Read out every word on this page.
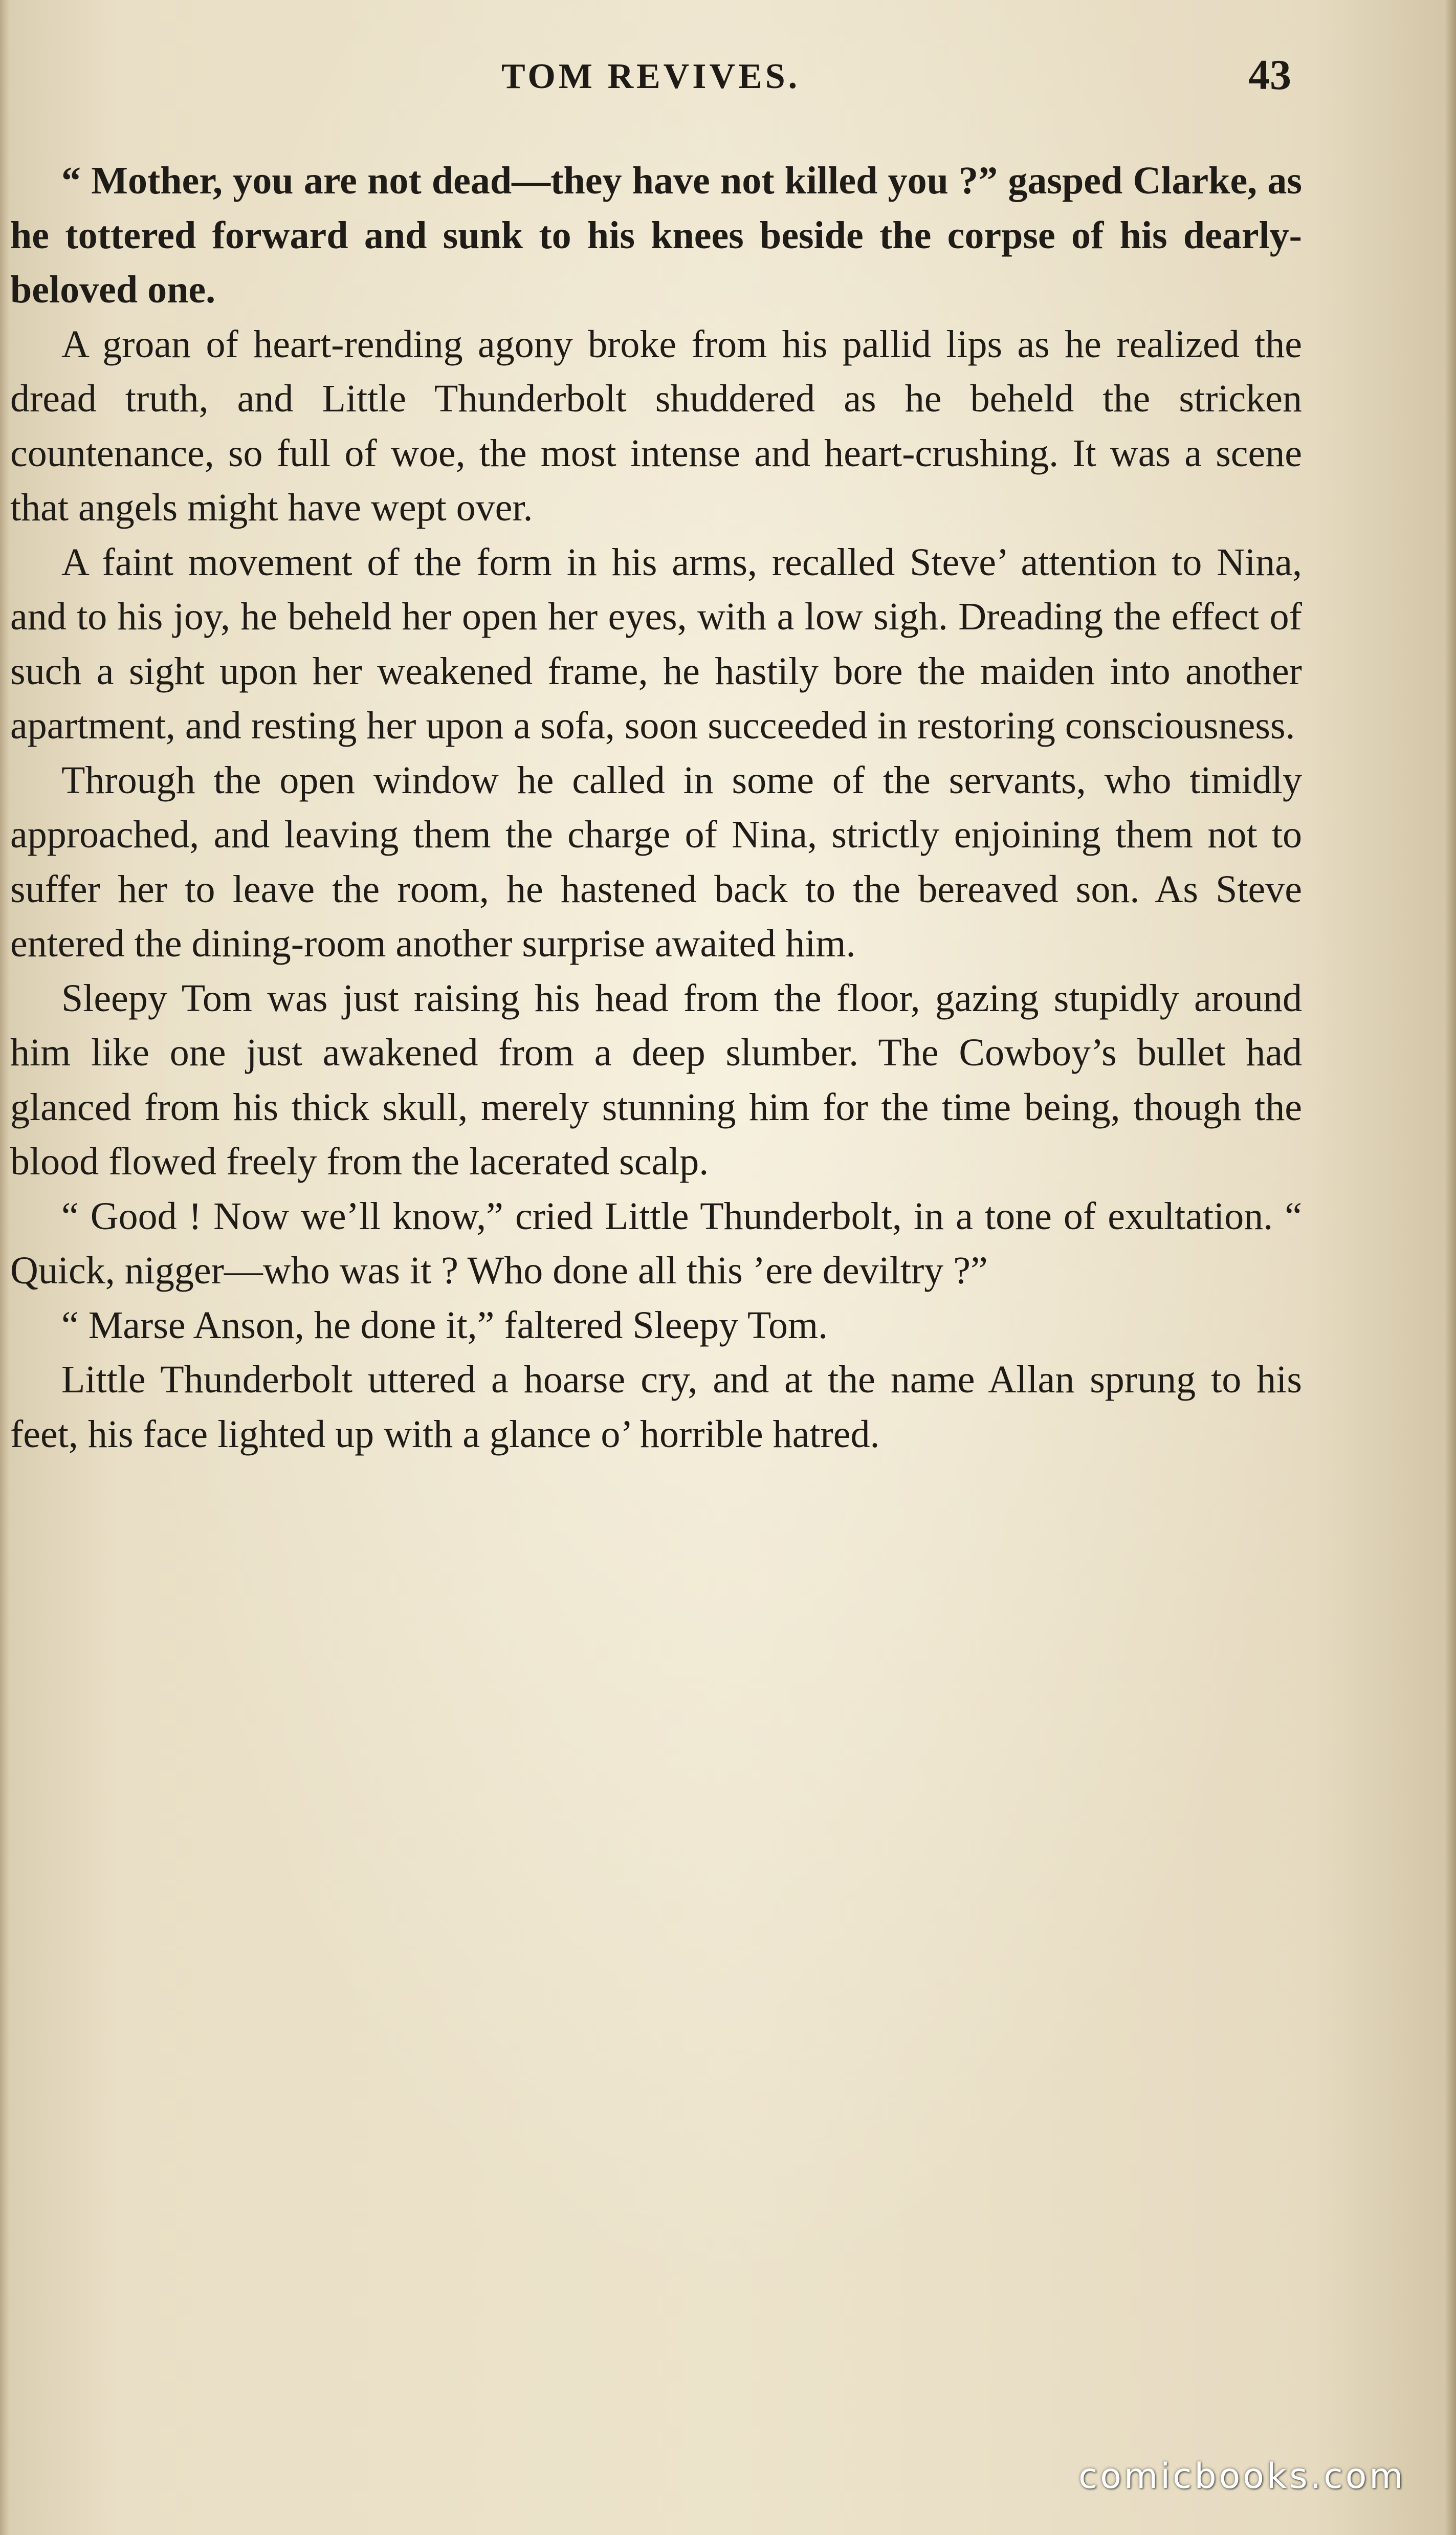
TOM REVIVES.	43

“ Mother, you are not dead—they have not killed you ?” gasped Clarke, as he tottered forward and sunk to his knees beside the corpse of his dearly-beloved one.

A groan of heart-rending agony broke from his pallid lips as he realized the dread truth, and Little Thunderbolt shuddered as he beheld the stricken countenance, so full of woe, the most intense and heart-crushing. It was a scene that angels might have wept over.

A faint movement of the form in his arms, recalled Steve’ attention to Nina, and to his joy, he beheld her open her eyes, with a low sigh. Dreading the effect of such a sight upon her weakened frame, he hastily bore the maiden into another apartment, and resting her upon a sofa, soon succeeded in restoring consciousness.

Through the open window he called in some of the servants, who timidly approached, and leaving them the charge of Nina, strictly enjoining them not to suffer her to leave the room, he hastened back to the bereaved son. As Steve entered the dining-room another surprise awaited him.

Sleepy Tom was just raising his head from the floor, gazing stupidly around him like one just awakened from a deep slumber. The Cowboy’s bullet had glanced from his thick skull, merely stunning him for the time being, though the blood flowed freely from the lacerated scalp.

“ Good ! Now we’ll know,” cried Little Thunderbolt, in a tone of exultation. “ Quick, nigger—who was it ? Who done all this ’ere deviltry ?”

“ Marse Anson, he done it,” faltered Sleepy Tom.

Little Thunderbolt uttered a hoarse cry, and at the name Allan sprung to his feet, his face lighted up with a glance o’ horrible hatred.

comicbooks.com
